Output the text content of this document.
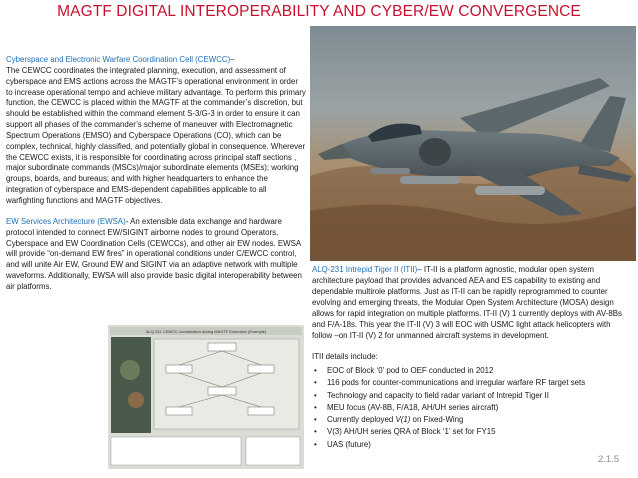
MAGTF DIGITAL INTEROPERABILITY AND CYBER/EW CONVERGENCE

Cyberspace and Electronic Warfare Coordination Cell (CEWCC)–
The CEWCC coordinates the integrated planning, execution, and assessment of cyberspace and EMS actions across the MAGTF’s operational environment in order to increase operational tempo and achieve military advantage. To perform this primary function, the CEWCC is placed within the MAGTF at the commander’s discretion, but should be established within the command element S-3/G-3 in order to ensure it can support all phases of the commander’s scheme of maneuver with Electromagnetic Spectrum Operations (EMSO) and Cyberspace Operations (CO), which can be complex, technical, highly classified, and potentially global in consequence. Wherever the CEWCC exists, it is responsible for coordinating across principal staff sections , major subordinate commands (MSCs)/major subordinate elements (MSEs); working groups, boards, and bureaus; and with higher headquarters to enhance the integration of cyberspace and EMS-dependent capabilities applicable to all warfighting functions and MAGTF objectives.

EW Services Architecture (EWSA)- An extensible data exchange and hardware protocol intended to connect EW/SIGINT airborne nodes to ground Operators, Cyberspace and EW Coordination Cells (CEWCCs), and other air EW nodes. EWSA will provide “on-demand EW fires” in operational conditions under C/EWCC control, and will unite Air EW, Ground EW and SIGINT via an adaptive network with multiple waveforms. Additionally, EWSA will also provide basic digital interoperability between air platforms.

ALQ-231 CEWCC coordination during MAGTF Execution (Example)

ALQ-231 Intrepid Tiger II (ITII)– IT-II is a platform agnostic, modular open system architecture payload that provides advanced AEA and ES capability to existing and dependable multirole platforms. Just as IT-II can be rapidly reprogrammed to counter evolving and emerging threats, the Modular Open System Architecture (MOSA) design allows for rapid integration on multiple platforms. IT-II (V) 1 currently deploys with AV-8Bs and F/A-18s. This year the IT-II (V) 3 will EOC with USMC light attack helicopters with follow –on IT-II (V) 2 for unmanned aircraft systems in development.

ITII details include:

• EOC of Block ‘0’ pod to OEF conducted in 2012
• 116 pods for counter-communications and irregular warfare RF target sets
• Technology and capacity to field radar variant of Intrepid Tiger II
• MEU focus (AV-8B, F/A18, AH/UH series aircraft)
• Currently deployed V(1) on Fixed-Wing
• V(3) AH/UH series QRA of Block ‘1’ set for FY15
• UAS (future)
2.1.5
